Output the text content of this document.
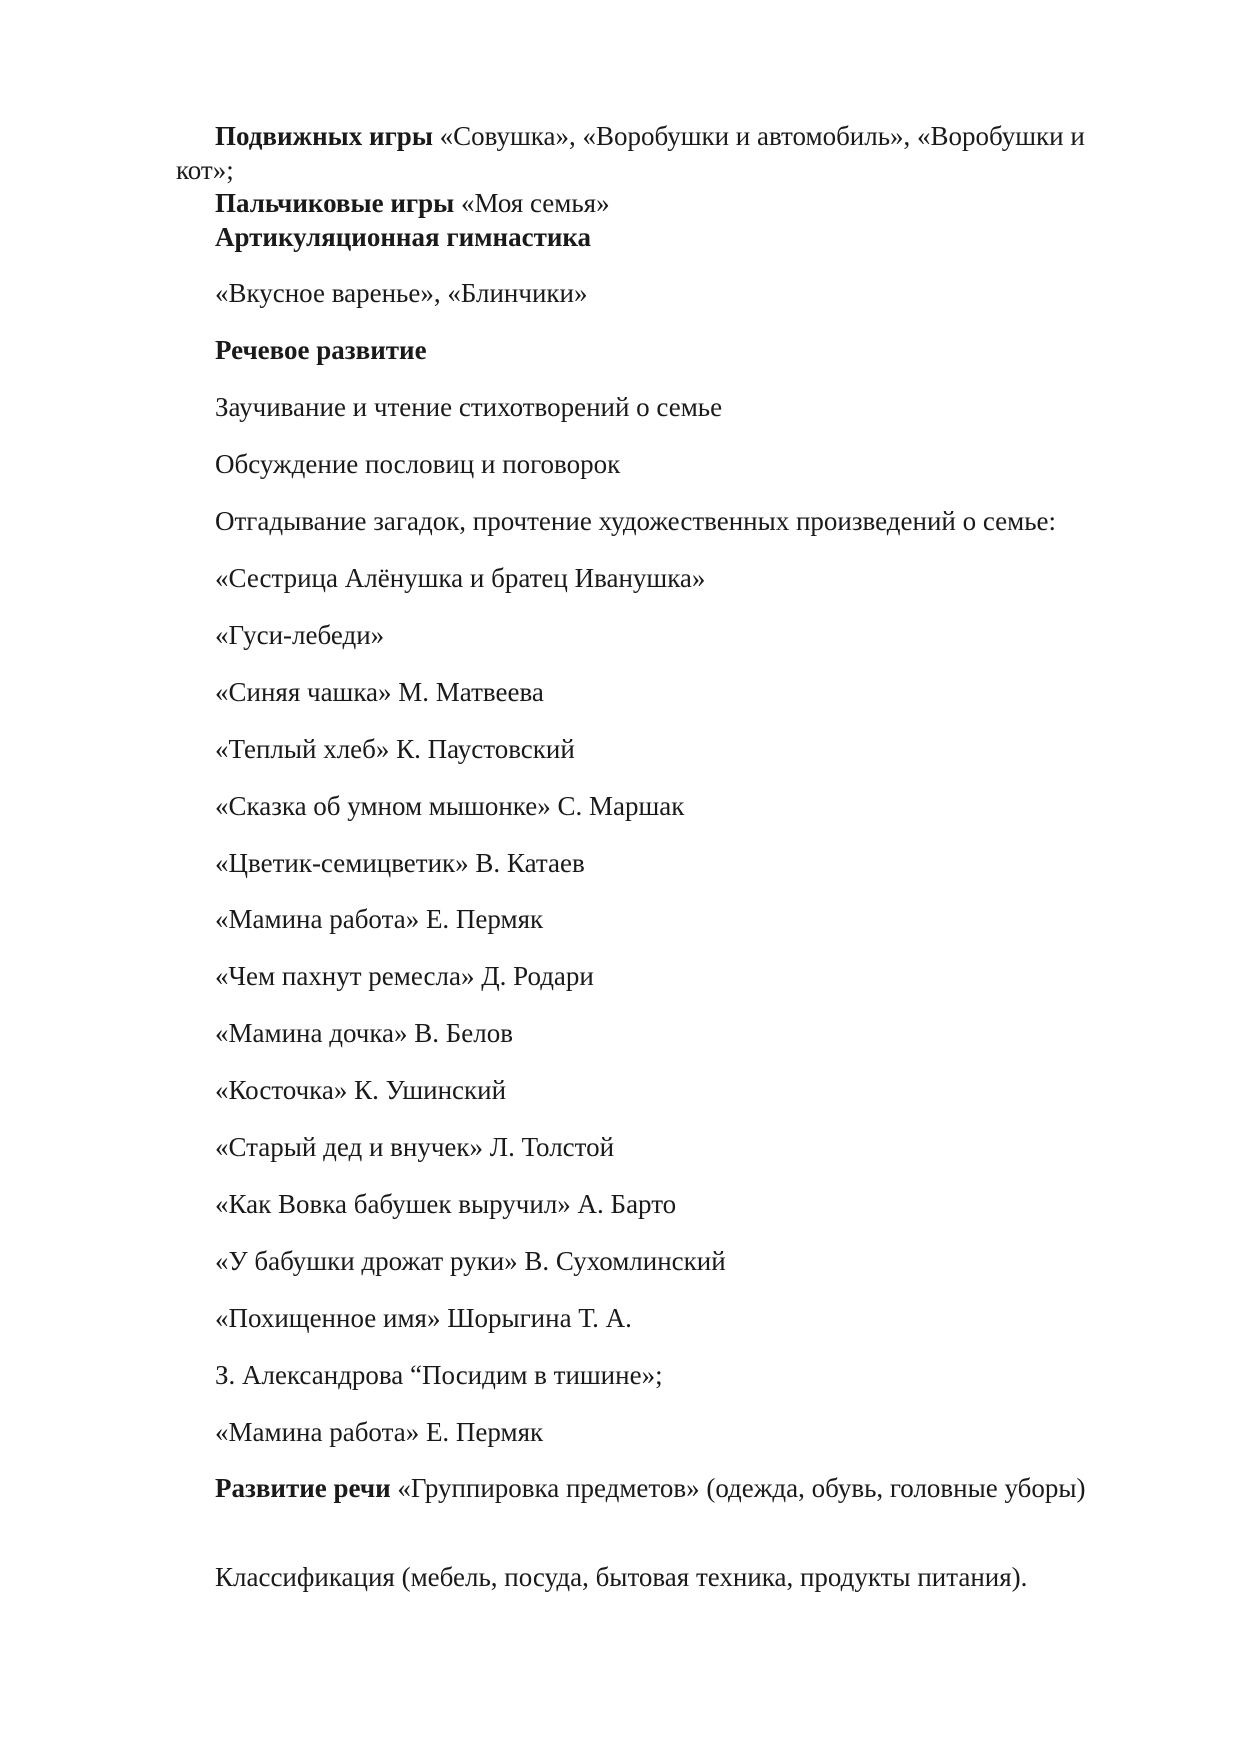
Подвижных игры «Совушка», «Воробушки и автомобиль», «Воробушки и кот»;

Пальчиковые игры «Моя семья»

Артикуляционная гимнастика

«Вкусное варенье», «Блинчики»

Речевое развитие

Заучивание и чтение стихотворений о семье

Обсуждение пословиц и поговорок

Отгадывание загадок, прочтение художественных произведений о семье:

«Сестрица Алёнушка и братец Иванушка»

«Гуси-лебеди»

«Синяя чашка» М. Матвеева

«Теплый хлеб» К. Паустовский

«Сказка об умном мышонке» С. Маршак

«Цветик-семицветик» В. Катаев

«Мамина работа» Е. Пермяк

«Чем пахнут ремесла» Д. Родари

«Мамина дочка» В. Белов

«Косточка» К. Ушинский

«Старый дед и внучек» Л. Толстой

«Как Вовка бабушек выручил» А. Барто

«У бабушки дрожат руки» В. Сухомлинский

«Похищенное имя» Шорыгина Т. А.

З. Александрова “Посидим в тишине»;

«Мамина работа» Е. Пермяк

Развитие речи «Группировка предметов» (одежда, обувь, головные уборы)

Классификация (мебель, посуда, бытовая техника, продукты питания).
